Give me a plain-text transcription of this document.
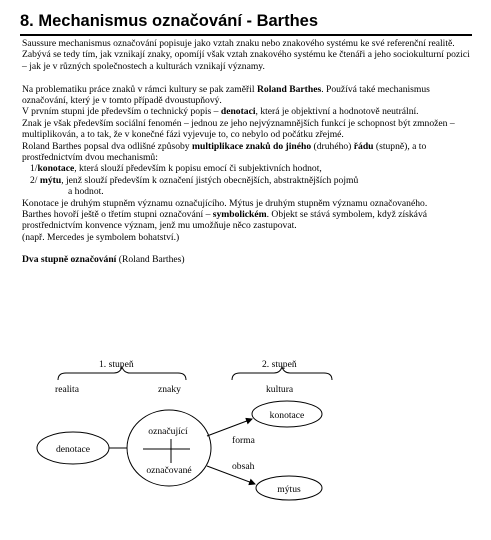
8. Mechanismus označování - Barthes

Saussure mechanismus označování popisuje jako vztah znaku nebo znakového systému ke své referenční realitě.

Zabývá se tedy tím, jak vznikají znaky, opomíjí však vztah znakového systému ke čtenáři a jeho sociokulturní pozici – jak je v různých společnostech a kulturách vznikají významy.

Na problematiku práce znaků v rámci kultury se pak zaměřil Roland Barthes. Používá také mechanismus označování, který je v tomto případě dvoustupňový.

V prvním stupni jde především o technický popis – denotaci, která je objektivní a hodnotově neutrální.

Znak je však především sociální fenomén – jednou ze jeho nejvýznamnějších funkcí je schopnost být zmnožen – multiplikován, a to tak, že v konečné fázi vyjevuje to, co nebylo od počátku zřejmé.

Roland Barthes popsal dva odlišné způsoby multiplikace znaků do jiného (druhého) řádu (stupně), a to prostřednictvím dvou mechanismů:

1/konotace, která slouží především k popisu emocí či subjektivních hodnot,

2/ mýtu, jenž slouží především k označení jistých obecnějších, abstraktnějších pojmů

a hodnot.

Konotace je druhým stupněm významu označujícího. Mýtus je druhým stupněm významu označovaného.

Barthes hovoří ještě o třetím stupni označování – symbolickém. Objekt se stává symbolem, když získává prostřednictvím konvence význam, jenž mu umožňuje něco zastupovat.

(např. Mercedes je symbolem bohatství.)

Dva stupně označování (Roland Barthes)

1. stupeň	2. stupeň
realita	znaky	kultura
denotace
označující
označované
forma
obsah
konotace
mýtus
